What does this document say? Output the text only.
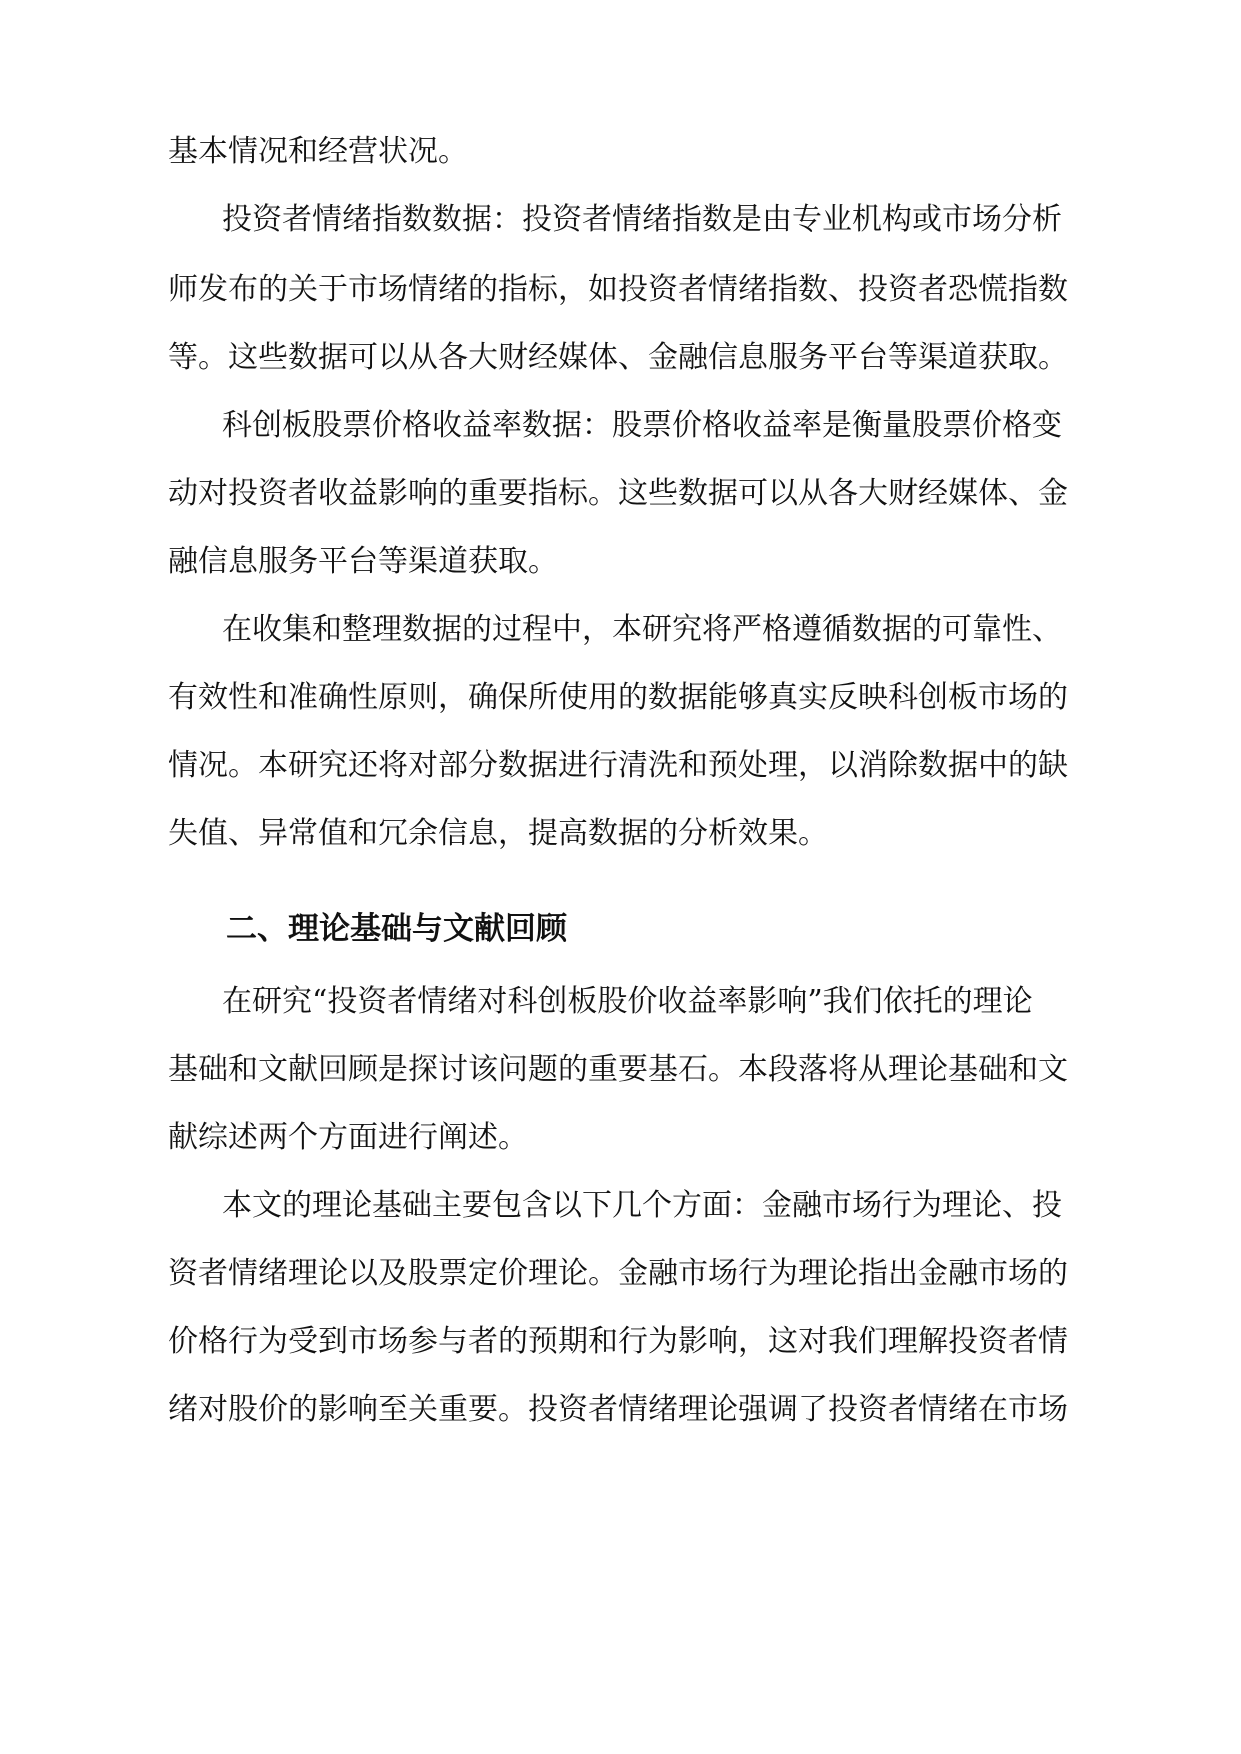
基本情况和经营状况。
投资者情绪指数数据：投资者情绪指数是由专业机构或市场分析
师发布的关于市场情绪的指标，如投资者情绪指数、投资者恐慌指数
等。这些数据可以从各大财经媒体、金融信息服务平台等渠道获取。
科创板股票价格收益率数据：股票价格收益率是衡量股票价格变
动对投资者收益影响的重要指标。这些数据可以从各大财经媒体、金
融信息服务平台等渠道获取。
在收集和整理数据的过程中，本研究将严格遵循数据的可靠性、
有效性和准确性原则，确保所使用的数据能够真实反映科创板市场的
情况。本研究还将对部分数据进行清洗和预处理，以消除数据中的缺
失值、异常值和冗余信息，提高数据的分析效果。
二、理论基础与文献回顾
在研究“投资者情绪对科创板股价收益率影响”我们依托的理论
基础和文献回顾是探讨该问题的重要基石。本段落将从理论基础和文
献综述两个方面进行阐述。
本文的理论基础主要包含以下几个方面：金融市场行为理论、投
资者情绪理论以及股票定价理论。金融市场行为理论指出金融市场的
价格行为受到市场参与者的预期和行为影响，这对我们理解投资者情
绪对股价的影响至关重要。投资者情绪理论强调了投资者情绪在市场
